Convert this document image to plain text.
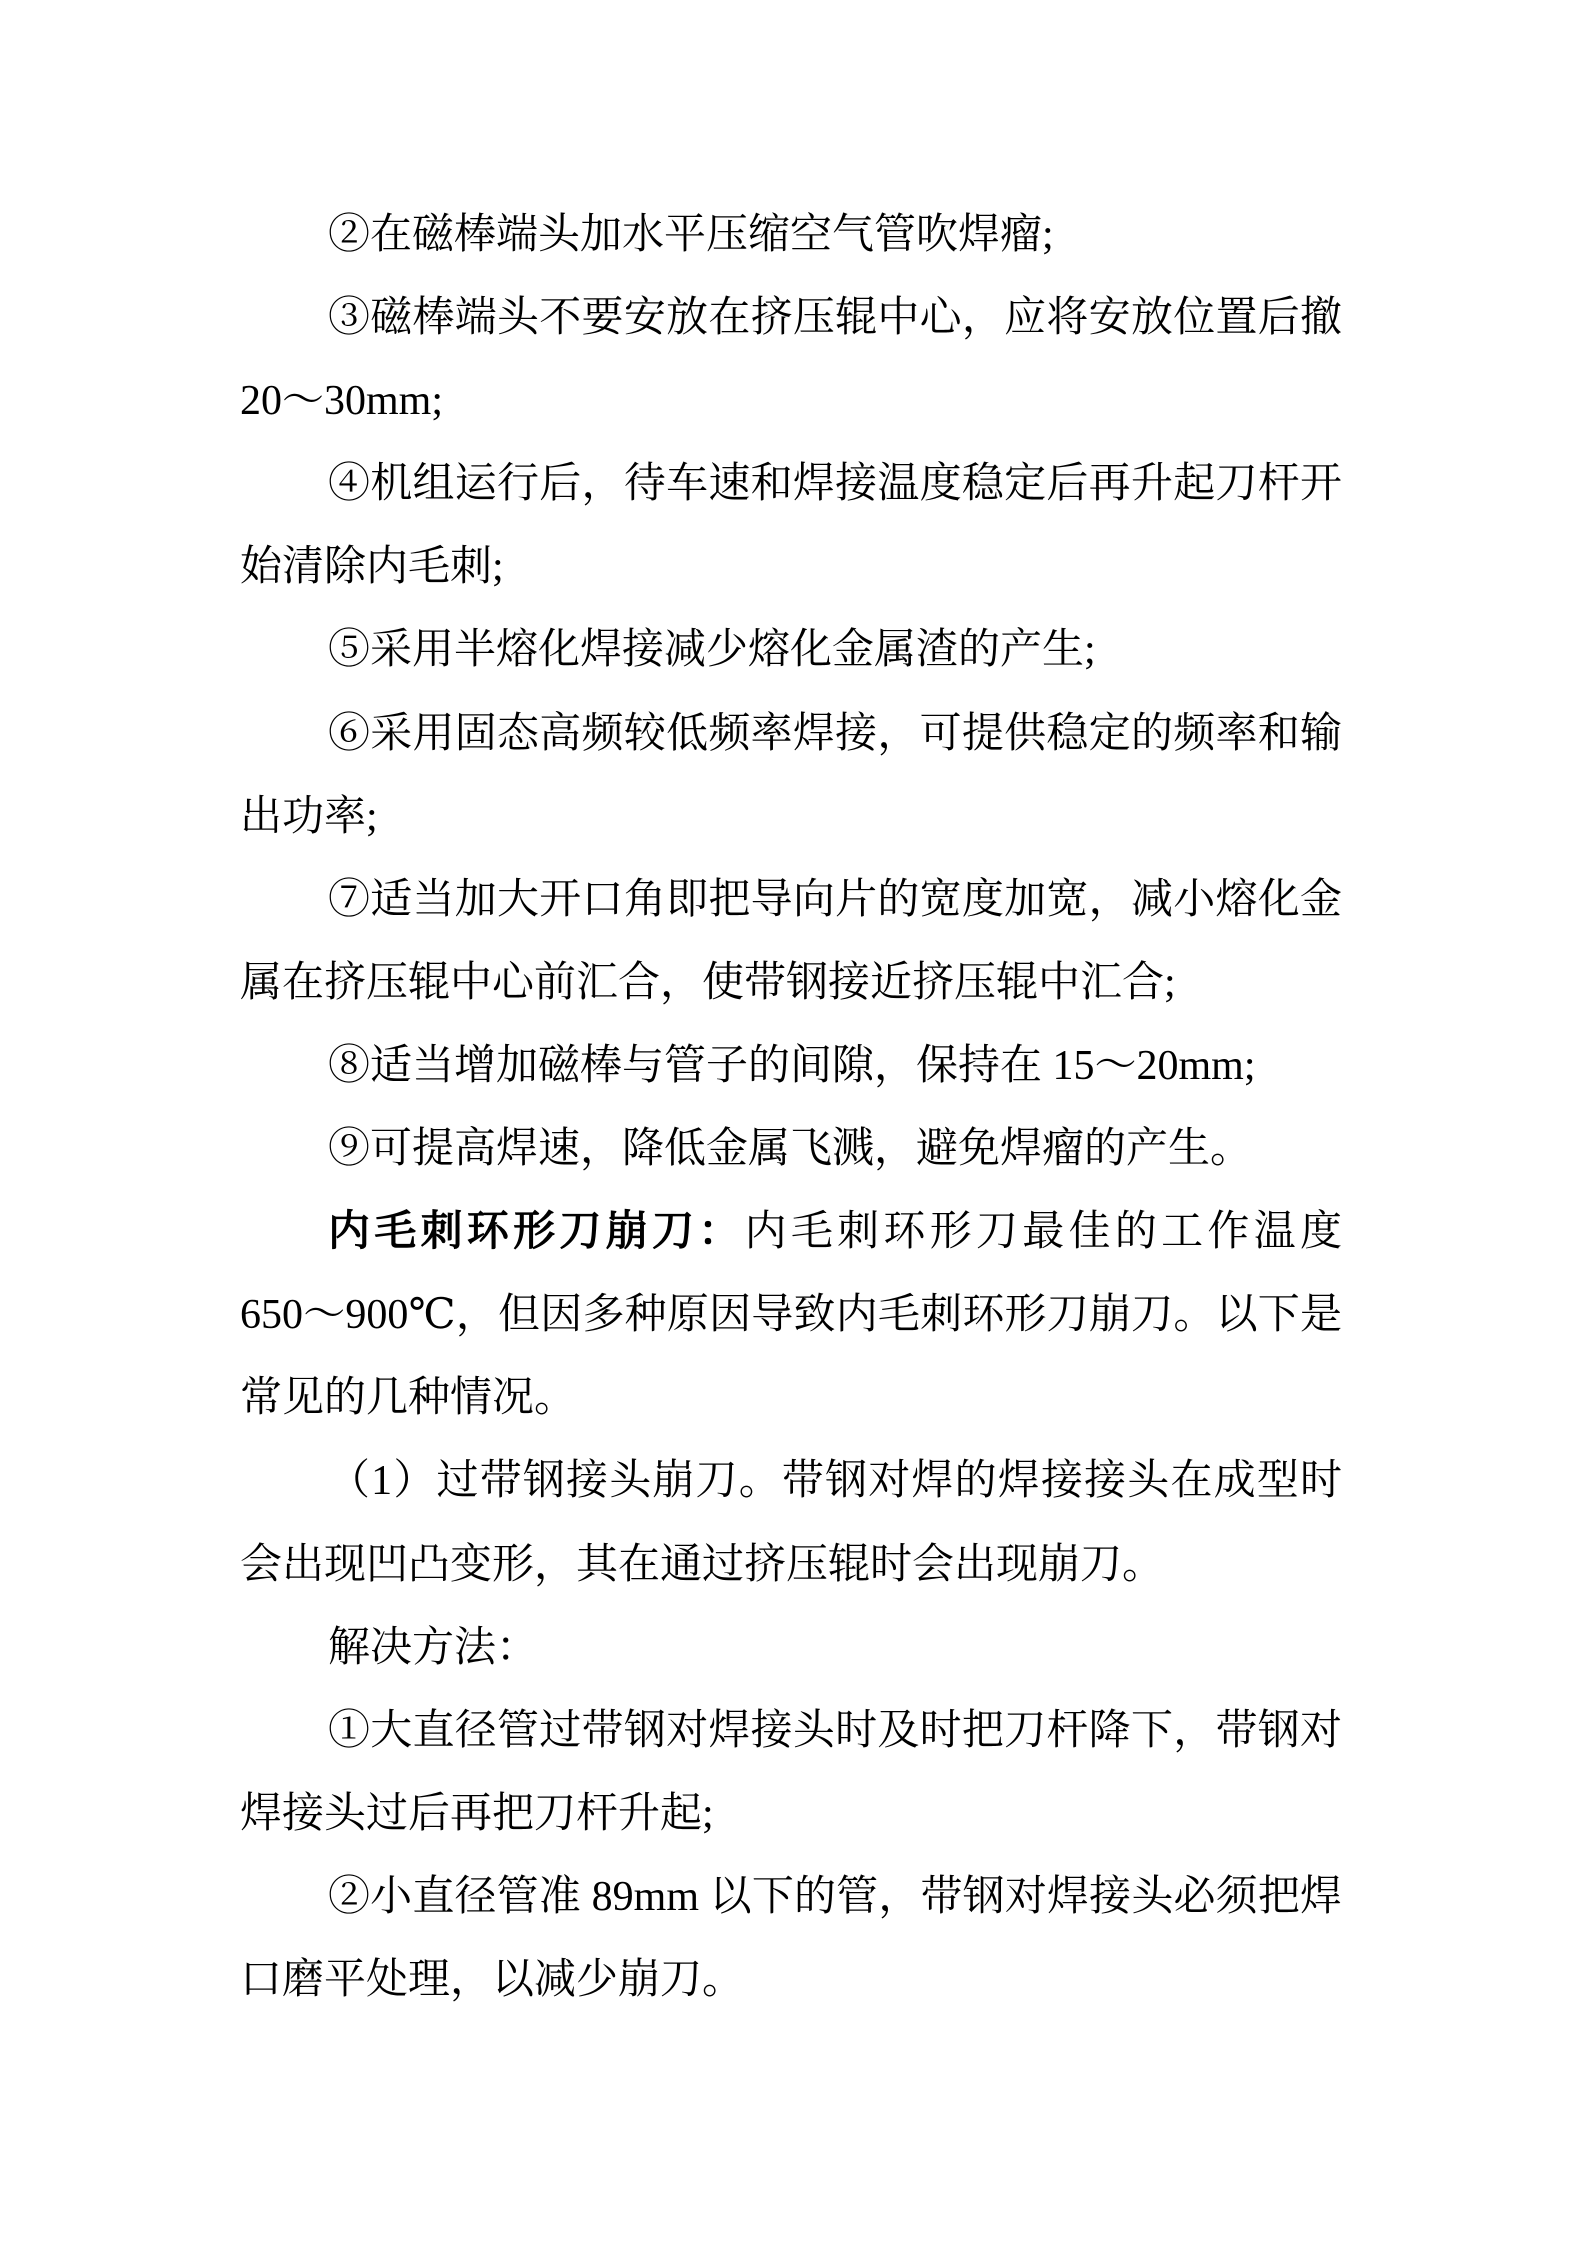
②在磁棒端头加水平压缩空气管吹焊瘤;
③磁棒端头不要安放在挤压辊中心，应将安放位置后撤
20～30mm;
④机组运行后，待车速和焊接温度稳定后再升起刀杆开
始清除内毛刺;
⑤采用半熔化焊接减少熔化金属渣的产生;
⑥采用固态高频较低频率焊接，可提供稳定的频率和输
出功率;
⑦适当加大开口角即把导向片的宽度加宽，减小熔化金
属在挤压辊中心前汇合，使带钢接近挤压辊中汇合;
⑧适当增加磁棒与管子的间隙，保持在 15～20mm;
⑨可提高焊速，降低金属飞溅，避免焊瘤的产生。
内毛刺环形刀崩刀：内毛刺环形刀最佳的工作温度
650～900℃，但因多种原因导致内毛刺环形刀崩刀。以下是
常见的几种情况。
（1）过带钢接头崩刀。带钢对焊的焊接接头在成型时
会出现凹凸变形，其在通过挤压辊时会出现崩刀。
解决方法：
①大直径管过带钢对焊接头时及时把刀杆降下，带钢对
焊接头过后再把刀杆升起;
②小直径管准 89mm 以下的管，带钢对焊接头必须把焊
口磨平处理，以减少崩刀。
